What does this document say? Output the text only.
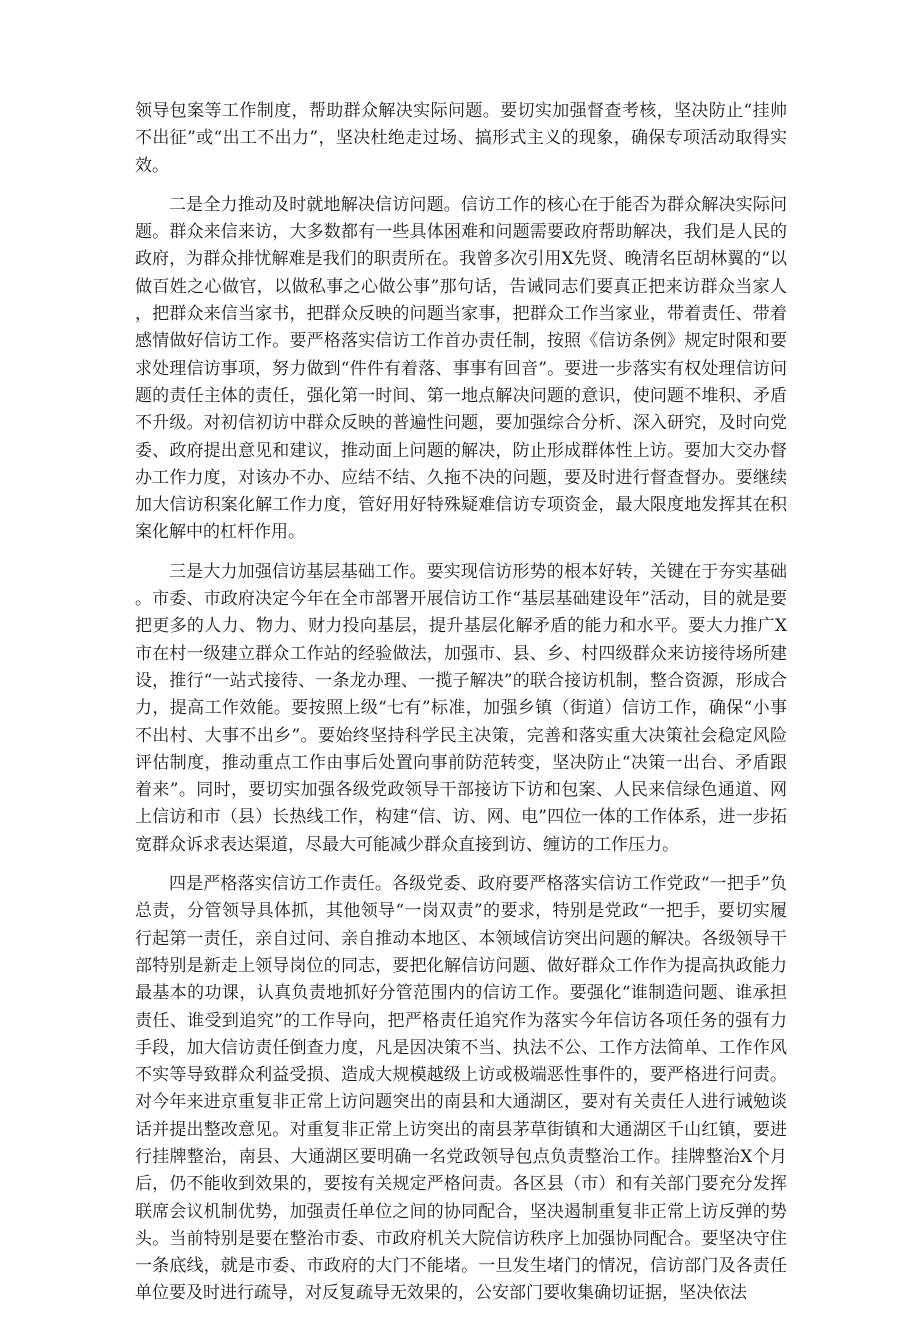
领导包案等工作制度，帮助群众解决实际问题。要切实加强督查考核，坚决防止“挂帅不出征”或“出工不出力”，坚决杜绝走过场、搞形式主义的现象，确保专项活动取得实效。

二是全力推动及时就地解决信访问题。信访工作的核心在于能否为群众解决实际问题。群众来信来访，大多数都有一些具体困难和问题需要政府帮助解决，我们是人民的政府，为群众排忧解难是我们的职责所在。我曾多次引用X先贤、晚清名臣胡林翼的“以做百姓之心做官，以做私事之心做公事”那句话，告诫同志们要真正把来访群众当家人，把群众来信当家书，把群众反映的问题当家事，把群众工作当家业，带着责任、带着感情做好信访工作。要严格落实信访工作首办责任制，按照《信访条例》规定时限和要求处理信访事项，努力做到“件件有着落、事事有回音”。要进一步落实有权处理信访问题的责任主体的责任，强化第一时间、第一地点解决问题的意识，使问题不堆积、矛盾不升级。对初信初访中群众反映的普遍性问题，要加强综合分析、深入研究，及时向党委、政府提出意见和建议，推动面上问题的解决，防止形成群体性上访。要加大交办督办工作力度，对该办不办、应结不结、久拖不决的问题，要及时进行督查督办。要继续加大信访积案化解工作力度，管好用好特殊疑难信访专项资金，最大限度地发挥其在积案化解中的杠杆作用。

三是大力加强信访基层基础工作。要实现信访形势的根本好转，关键在于夯实基础。市委、市政府决定今年在全市部署开展信访工作“基层基础建设年”活动，目的就是要把更多的人力、物力、财力投向基层，提升基层化解矛盾的能力和水平。要大力推广X市在村一级建立群众工作站的经验做法，加强市、县、乡、村四级群众来访接待场所建设，推行“一站式接待、一条龙办理、一揽子解决”的联合接访机制，整合资源，形成合力，提高工作效能。要按照上级“七有”标准，加强乡镇（街道）信访工作，确保“小事不出村、大事不出乡”。要始终坚持科学民主决策，完善和落实重大决策社会稳定风险评估制度，推动重点工作由事后处置向事前防范转变，坚决防止“决策一出台、矛盾跟着来”。同时，要切实加强各级党政领导干部接访下访和包案、人民来信绿色通道、网上信访和市（县）长热线工作，构建“信、访、网、电”四位一体的工作体系，进一步拓宽群众诉求表达渠道，尽最大可能减少群众直接到访、缠访的工作压力。

四是严格落实信访工作责任。各级党委、政府要严格落实信访工作党政“一把手”负总责，分管领导具体抓，其他领导“一岗双责”的要求，特别是党政“一把手，要切实履行起第一责任，亲自过问、亲自推动本地区、本领域信访突出问题的解决。各级领导干部特别是新走上领导岗位的同志，要把化解信访问题、做好群众工作作为提高执政能力最基本的功课，认真负责地抓好分管范围内的信访工作。要强化“谁制造问题、谁承担责任、谁受到追究”的工作导向，把严格责任追究作为落实今年信访各项任务的强有力手段，加大信访责任倒查力度，凡是因决策不当、执法不公、工作方法简单、工作作风不实等导致群众利益受损、造成大规模越级上访或极端恶性事件的，要严格进行问责。对今年来进京重复非正常上访问题突出的南县和大通湖区，要对有关责任人进行诫勉谈话并提出整改意见。对重复非正常上访突出的南县茅草街镇和大通湖区千山红镇，要进行挂牌整治，南县、大通湖区要明确一名党政领导包点负责整治工作。挂牌整治X个月后，仍不能收到效果的，要按有关规定严格问责。各区县（市）和有关部门要充分发挥联席会议机制优势，加强责任单位之间的协同配合，坚决遏制重复非正常上访反弹的势头。当前特别是要在整治市委、市政府机关大院信访秩序上加强协同配合。要坚决守住一条底线，就是市委、市政府的大门不能堵。一旦发生堵门的情况，信访部门及各责任单位要及时进行疏导，对反复疏导无效果的，公安部门要收集确切证据，坚决依法
